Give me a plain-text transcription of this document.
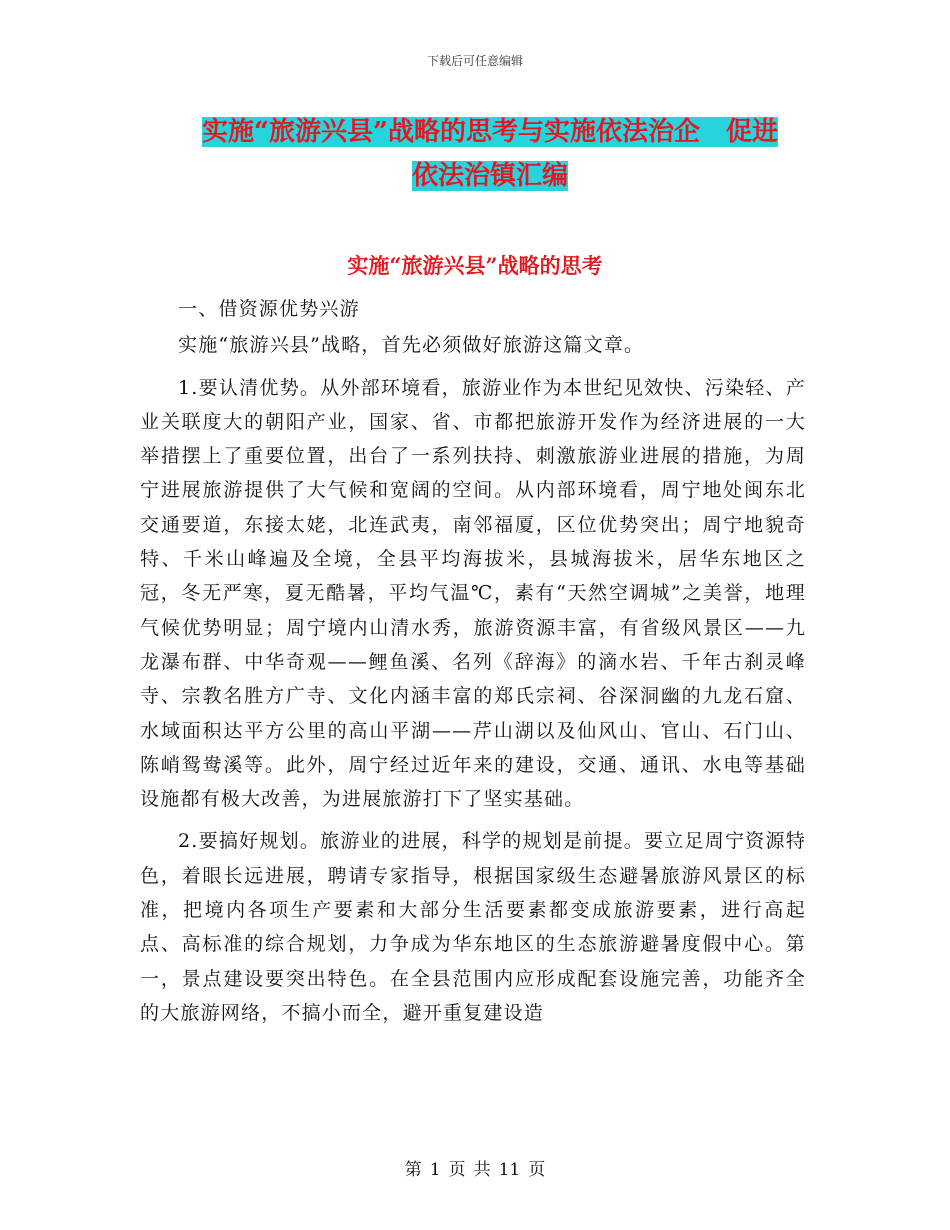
下载后可任意编辑
实施“旅游兴县”战略的思考与实施依法治企　促进
依法治镇汇编
实施“旅游兴县”战略的思考

一、借资源优势兴游

实施“旅游兴县”战略，首先必须做好旅游这篇文章。

1.要认清优势。从外部环境看，旅游业作为本世纪见效快、污染轻、产业关联度大的朝阳产业，国家、省、市都把旅游开发作为经济进展的一大举措摆上了重要位置，出台了一系列扶持、刺激旅游业进展的措施，为周宁进展旅游提供了大气候和宽阔的空间。从内部环境看，周宁地处闽东北交通要道，东接太姥，北连武夷，南邻福厦，区位优势突出；周宁地貌奇特、千米山峰遍及全境，全县平均海拔米，县城海拔米，居华东地区之冠，冬无严寒，夏无酷暑，平均气温℃，素有“天然空调城”之美誉，地理气候优势明显；周宁境内山清水秀，旅游资源丰富，有省级风景区——九龙瀑布群、中华奇观——鲤鱼溪、名列《辞海》的滴水岩、千年古刹灵峰寺、宗教名胜方广寺、文化内涵丰富的郑氏宗祠、谷深洞幽的九龙石窟、水域面积达平方公里的高山平湖——芹山湖以及仙风山、官山、石门山、陈峭鸳鸯溪等。此外，周宁经过近年来的建设，交通、通讯、水电等基础设施都有极大改善，为进展旅游打下了坚实基础。

2.要搞好规划。旅游业的进展，科学的规划是前提。要立足周宁资源特色，着眼长远进展，聘请专家指导，根据国家级生态避暑旅游风景区的标准，把境内各项生产要素和大部分生活要素都变成旅游要素，进行高起点、高标准的综合规划，力争成为华东地区的生态旅游避暑度假中心。第一，景点建设要突出特色。在全县范围内应形成配套设施完善，功能齐全的大旅游网络，不搞小而全，避开重复建设造

第 1 页 共 11 页
